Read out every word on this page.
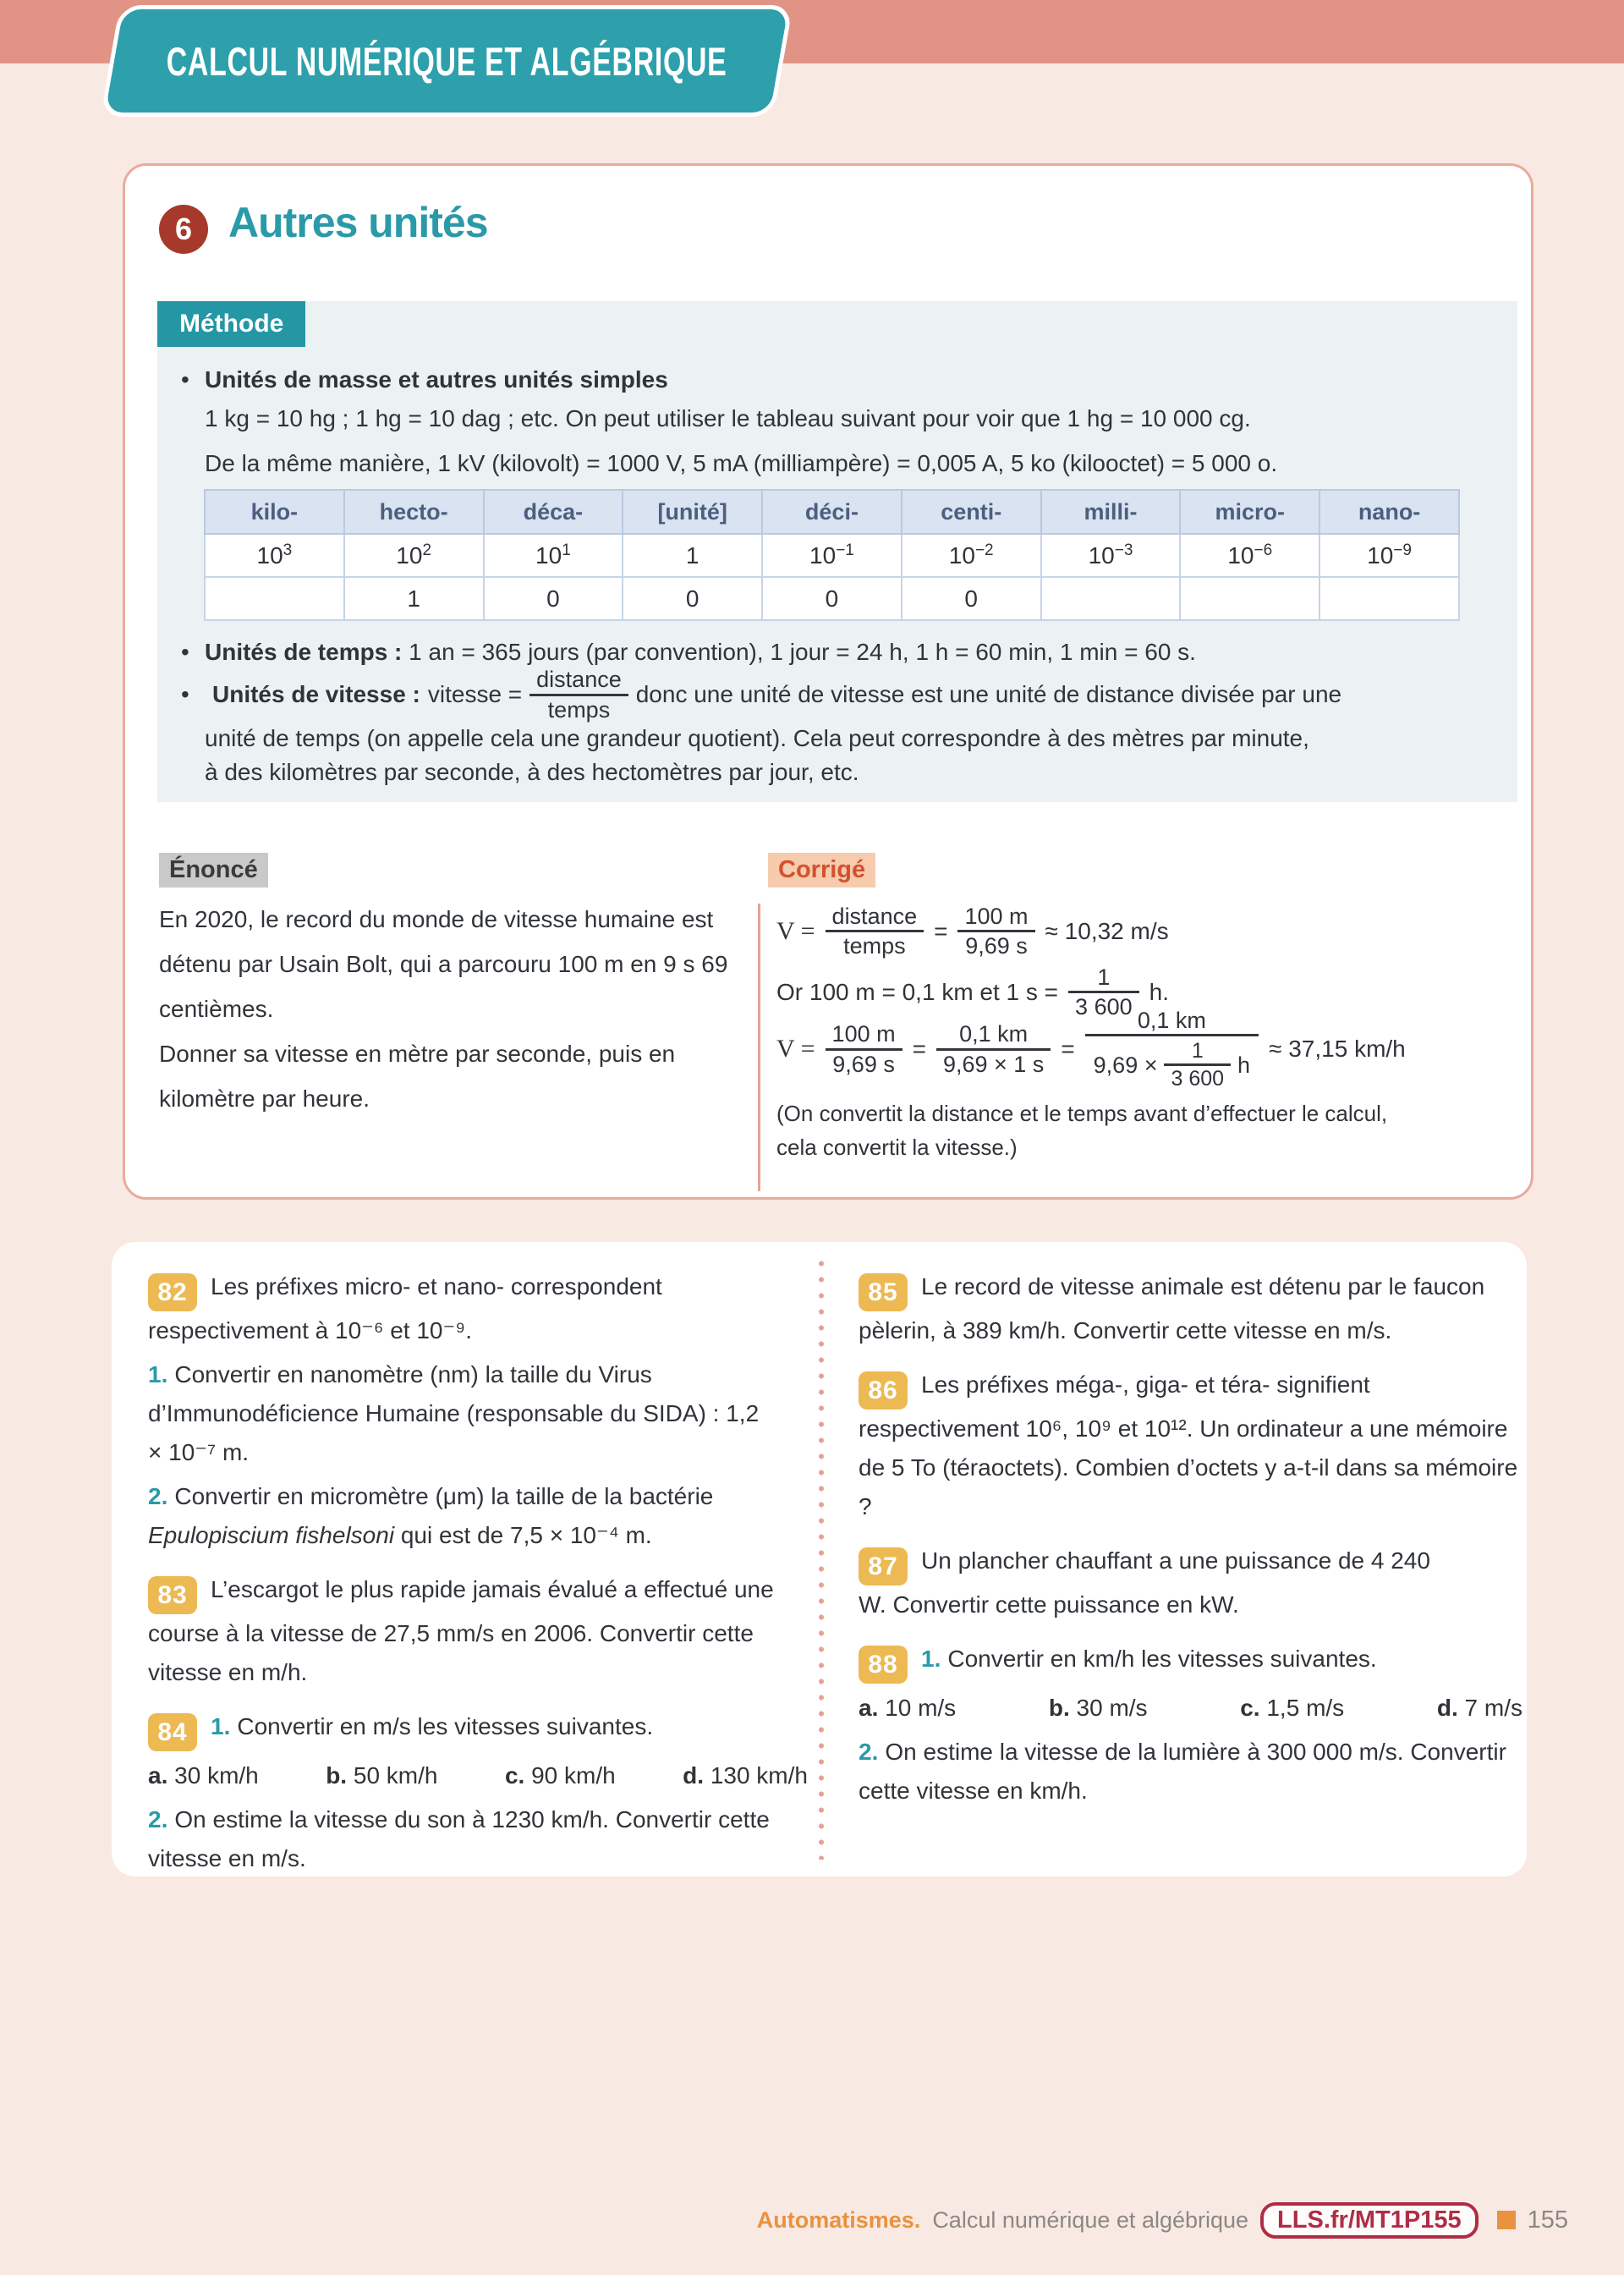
CALCUL NUMÉRIQUE ET ALGÉBRIQUE
6 Autres unités
Méthode
• Unités de masse et autres unités simples
1 kg = 10 hg ; 1 hg = 10 dag ; etc. On peut utiliser le tableau suivant pour voir que 1 hg = 10 000 cg.
De la même manière, 1 kV (kilovolt) = 1000 V, 5 mA (milliampère) = 0,005 A, 5 ko (kilooctet) = 5 000 o.
kilo-	hecto-	déca-	[unité]	déci-	centi-	milli-	micro-	nano-
$10^3$	$10^2$	$10^1$	1	$10^{-1}$	$10^{-2}$	$10^{-3}$	$10^{-6}$	$10^{-9}$
	1	0	0	0	0			
• Unités de temps : 1 an = 365 jours (par convention), 1 jour = 24 h, 1 h = 60 min, 1 min = 60 s.
• Unités de vitesse : vitesse =
distance
temps
donc une unité de vitesse est une unité de distance divisée par une
unité de temps (on appelle cela une grandeur quotient). Cela peut correspondre à des mètres par minute,
à des kilomètres par seconde, à des hectomètres par jour, etc.
Énoncé

En 2020, le record du monde de vitesse humaine est détenu par Usain Bolt, qui a parcouru 100 m en 9 s 69 centièmes.

Donner sa vitesse en mètre par seconde, puis en kilomètre par heure.

Corrigé
V =
distance
temps
= $\frac{100 m}{9,69 s} \approx 10,32$ m/s
Or 100 m = 0,1 km et 1 $s = \frac{1}{3 600} h$.
$V = \frac{100 m}{9,69 s} = \frac{0,1 km}{9,69 \times 1 s} = \frac{0,1 km}{9,69 \times \frac{1}{3 600} h} \approx 37,15$ km/h

(On convertit la distance et le temps avant d’effectuer le calcul,

cela convertit la vitesse.)

82 Les préfixes micro- et nano- correspondent respectivement à 10⁻⁶ et 10⁻⁹.

1. Convertir en nanomètre (nm) la taille du Virus d’Immunodéficience Humaine (responsable du SIDA) : 1,2 × 10⁻⁷ m.

2. Convertir en micromètre (μm) la taille de la bactérie Epulopiscium fishelsoni qui est de 7,5 × 10⁻⁴ m.

83 L’escargot le plus rapide jamais évalué a effectué une course à la vitesse de 27,5 mm/s en 2006. Convertir cette vitesse en m/h.

84 1. Convertir en m/s les vitesses suivantes.

a. 30 km/h	b. 50 km/h	c. 90 km/h	d. 130 km/h

2. On estime la vitesse du son à 1230 km/h. Convertir cette vitesse en m/s.

85 Le record de vitesse animale est détenu par le faucon pèlerin, à 389 km/h. Convertir cette vitesse en m/s.

86 Les préfixes méga-, giga- et téra- signifient respectivement 10⁶, 10⁹ et 10¹². Un ordinateur a une mémoire de 5 To (téraoctets). Combien d’octets y a-t-il dans sa mémoire ?

87 Un plancher chauffant a une puissance de 4 240 W. Convertir cette puissance en kW.

88 1. Convertir en km/h les vitesses suivantes.

a. 10 m/s	b. 30 m/s	c. 1,5 m/s	d. 7 m/s

2. On estime la vitesse de la lumière à 300 000 m/s. Convertir cette vitesse en km/h.

Automatismes. Calcul numérique et algébrique	LLS.fr/MT1P155	155
